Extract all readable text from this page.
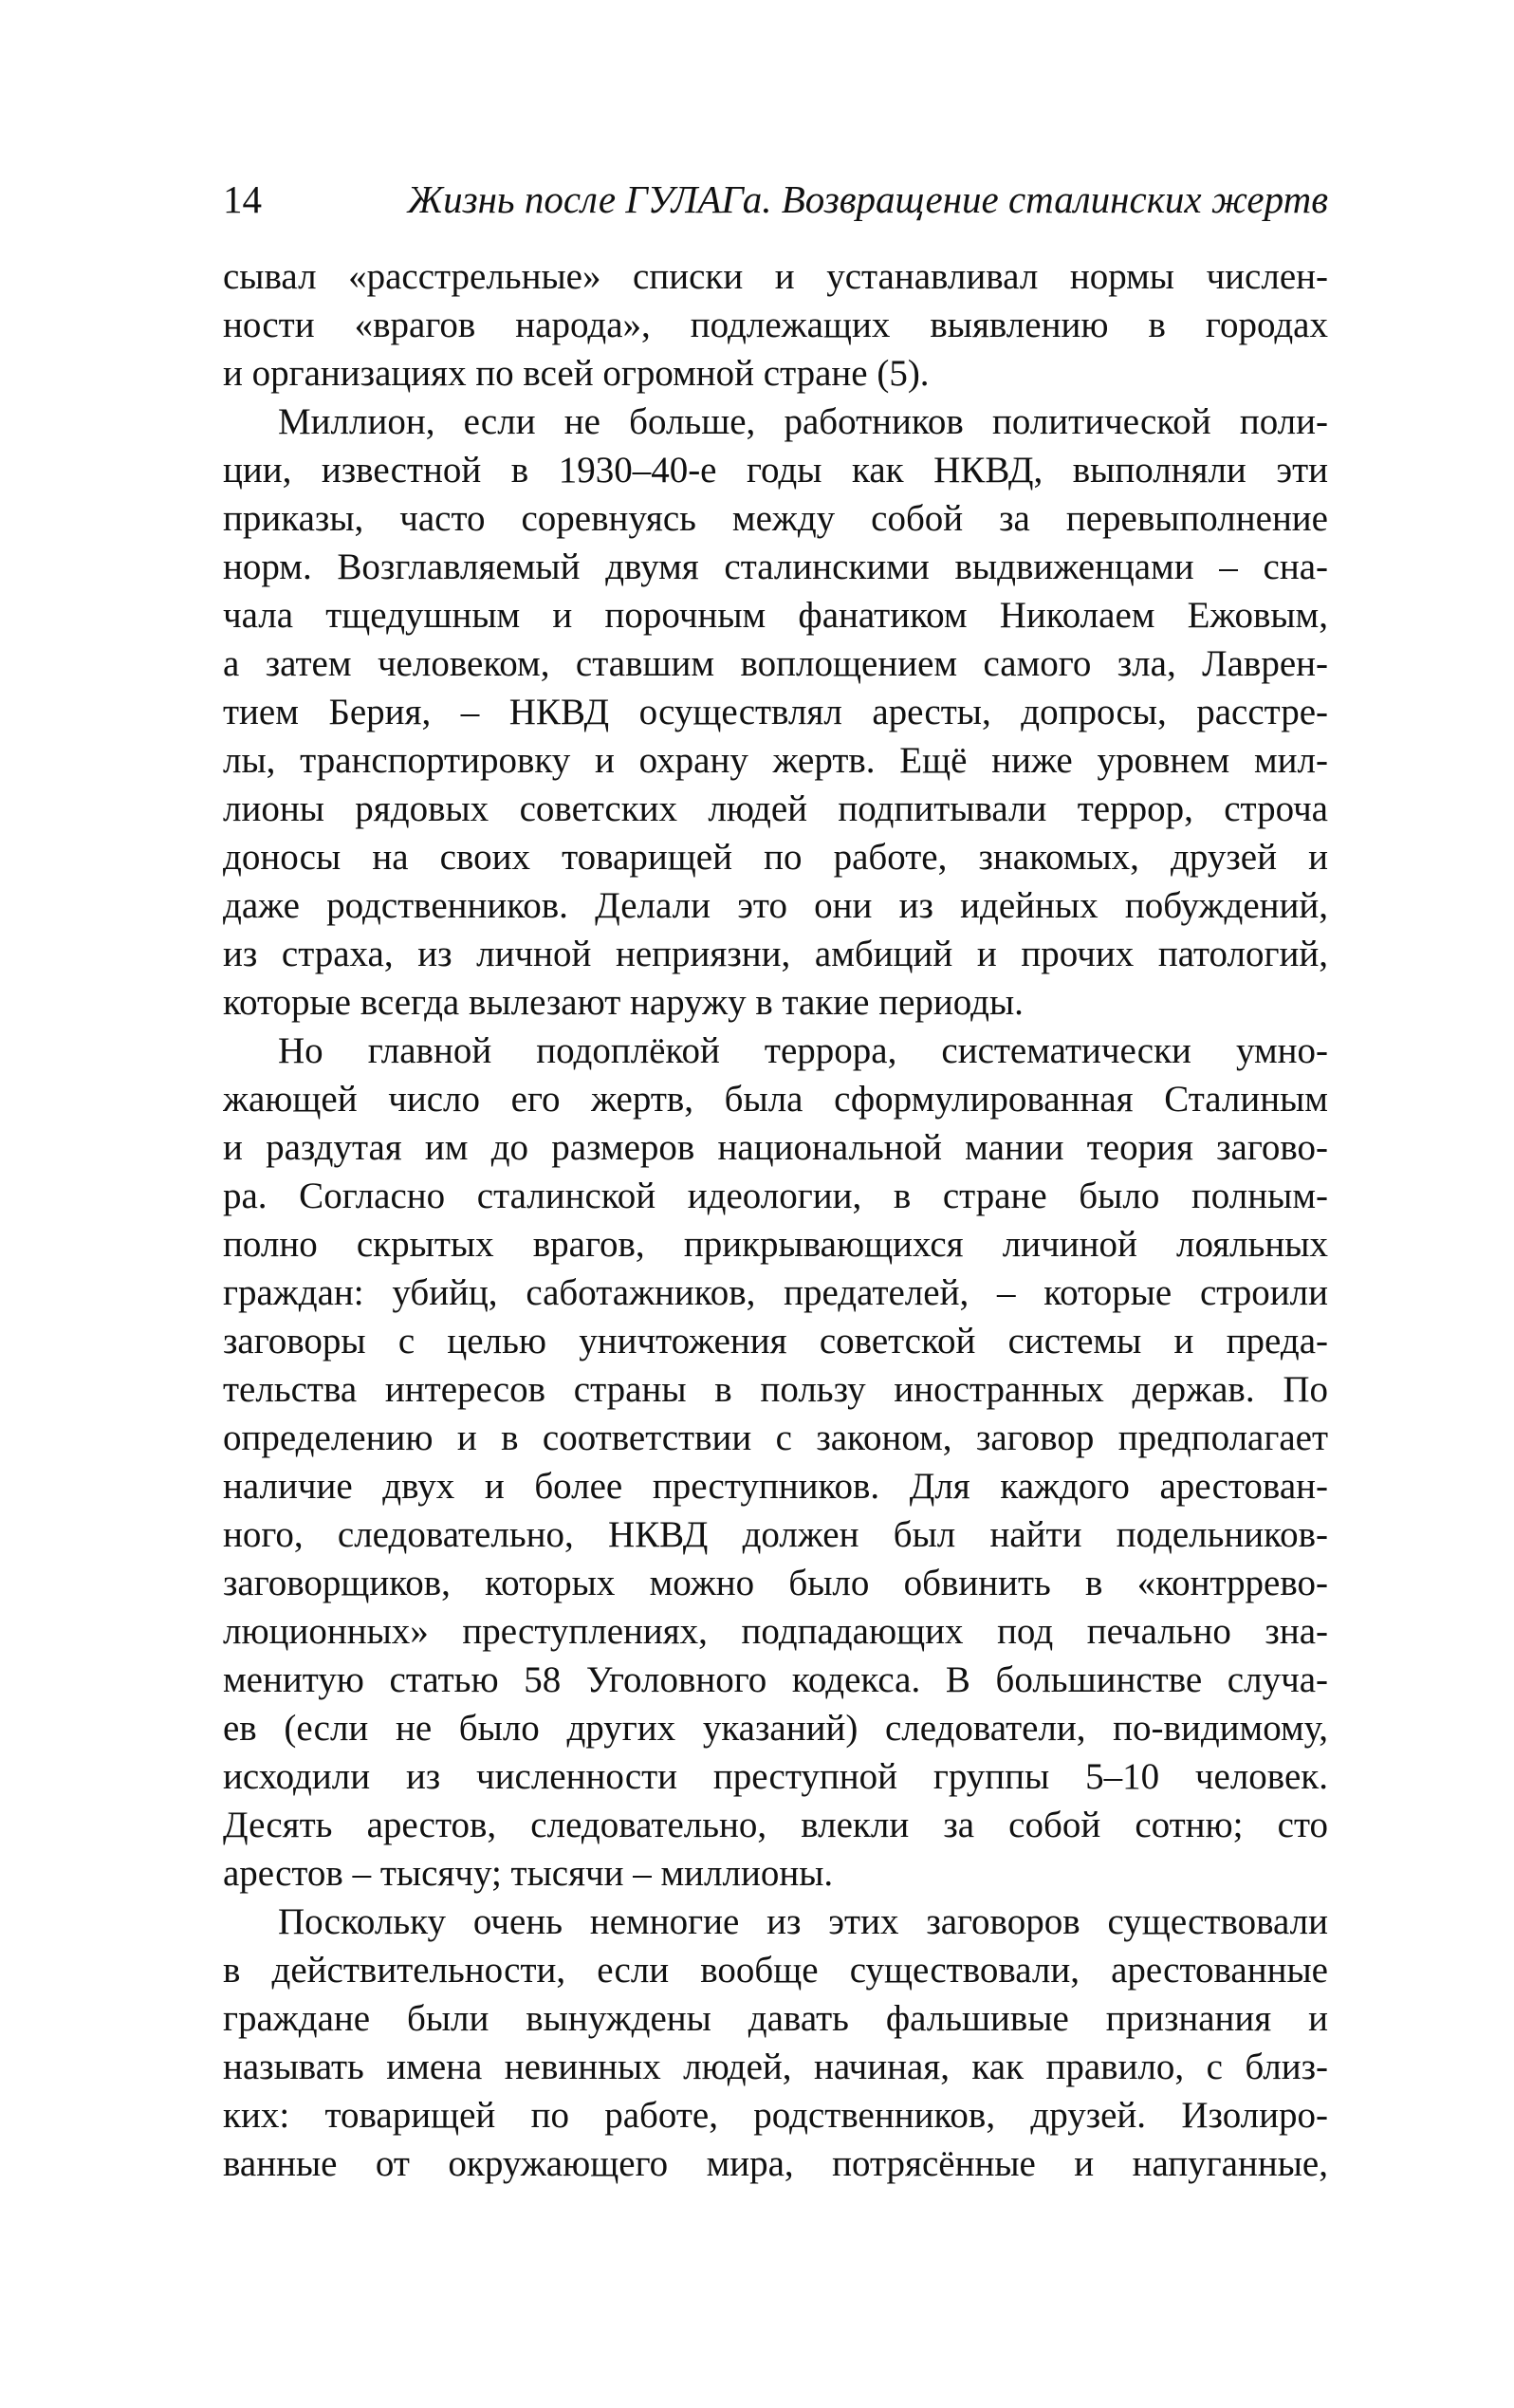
14	Жизнь после ГУЛАГа. Возвращение сталинских жертв
сывал «расстрельные» списки и устанавливал нормы числен-
ности «врагов народа», подлежащих выявлению в городах
и организациях по всей огромной стране (5).
Миллион, если не больше, работников политической поли-
ции, известной в 1930–40-е годы как НКВД, выполняли эти
приказы, часто соревнуясь между собой за перевыполнение
норм. Возглавляемый двумя сталинскими выдвиженцами – сна-
чала тщедушным и порочным фанатиком Николаем Ежовым,
а затем человеком, ставшим воплощением самого зла, Лаврен-
тием Берия, – НКВД осуществлял аресты, допросы, расстре-
лы, транспортировку и охрану жертв. Ещё ниже уровнем мил-
лионы рядовых советских людей подпитывали террор, строча
доносы на своих товарищей по работе, знакомых, друзей и
даже родственников. Делали это они из идейных побуждений,
из страха, из личной неприязни, амбиций и прочих патологий,
которые всегда вылезают наружу в такие периоды.
Но главной подоплёкой террора, систематически умно-
жающей число его жертв, была сформулированная Сталиным
и раздутая им до размеров национальной мании теория загово-
ра. Согласно сталинской идеологии, в стране было полным-
полно скрытых врагов, прикрывающихся личиной лояльных
граждан: убийц, саботажников, предателей, – которые строили
заговоры с целью уничтожения советской системы и преда-
тельства интересов страны в пользу иностранных держав. По
определению и в соответствии с законом, заговор предполагает
наличие двух и более преступников. Для каждого арестован-
ного, следовательно, НКВД должен был найти подельников-
заговорщиков, которых можно было обвинить в «контррево-
люционных» преступлениях, подпадающих под печально зна-
менитую статью 58 Уголовного кодекса. В большинстве случа-
ев (если не было других указаний) следователи, по-видимому,
исходили из численности преступной группы 5–10 человек.
Десять арестов, следовательно, влекли за собой сотню; сто
арестов – тысячу; тысячи – миллионы.
Поскольку очень немногие из этих заговоров существовали
в действительности, если вообще существовали, арестованные
граждане были вынуждены давать фальшивые признания и
называть имена невинных людей, начиная, как правило, с близ-
ких: товарищей по работе, родственников, друзей. Изолиро-
ванные от окружающего мира, потрясённые и напуганные,
